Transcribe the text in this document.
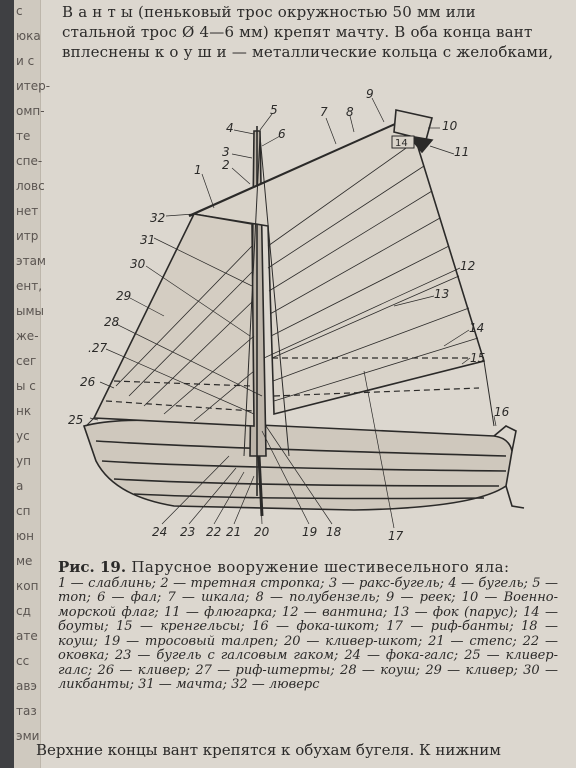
с
юка
и с
итер-
омп-
те
спе-
ловс
нет
итр
этам
ент,
ымы
же-
сег
ы с
нк
ус
уп
а
сп
юн
ме
коп
сд
ате
сс
авэ
таз
эми

В а н т ы (пеньковый трос окружностью 50 мм или

стальной трос Ø 4—6 мм) крепят мачту. В оба конца вант

вплеснены к о у ш и — металлические кольца с желобками,

1 2
3
4
5
6
7 8
9
10
11
12
13
14
15
16
17
18
19
20
21
22
23
24
25
26
.27
28
29
30
31
32
14
Рис. 19. Парусное вооружение шестивесельного яла:
1 — слаблинь; 2 — третная стропка; 3 — ракс-бугель; 4 — бугель; 5 — топ; 6 — фал; 7 — шкала; 8 — полубензель; 9 — реек; 10 — Военно-морской флаг; 11 — флюгарка; 12 — вантина; 13 — фок (парус); 14 — боуты; 15 — кренгельсы; 16 — фока-шкот; 17 — риф-банты; 18 — коуш; 19 — тросовый талреп; 20 — кливер-шкот; 21 — степс; 22 — оковка; 23 — бугель с галсовым гаком; 24 — фока-галс; 25 — кливер-галс; 26 — кливер; 27 — риф-штерты; 28 — коуш; 29 — кливер; 30 — ликбанты; 31 — мачта; 32 — люверс

Верхние концы вант крепятся к обухам бугеля. К нижним
